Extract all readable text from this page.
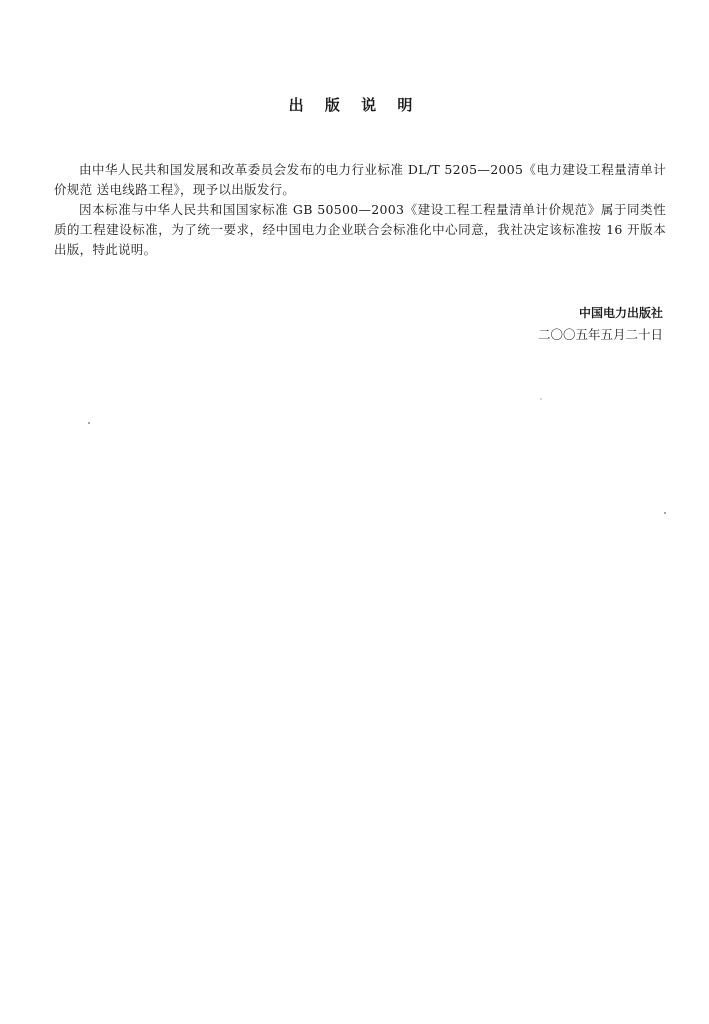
出 版 说 明

由中华人民共和国发展和改革委员会发布的电力行业标准 DL/T 5205—2005《电力建设工程量清单计价规范 送电线路工程》，现予以出版发行。

因本标准与中华人民共和国国家标准 GB 50500—2003《建设工程工程量清单计价规范》属于同类性质的工程建设标准，为了统一要求，经中国电力企业联合会标准化中心同意，我社决定该标准按 16 开版本出版，特此说明。

中国电力出版社
二〇〇五年五月二十日
